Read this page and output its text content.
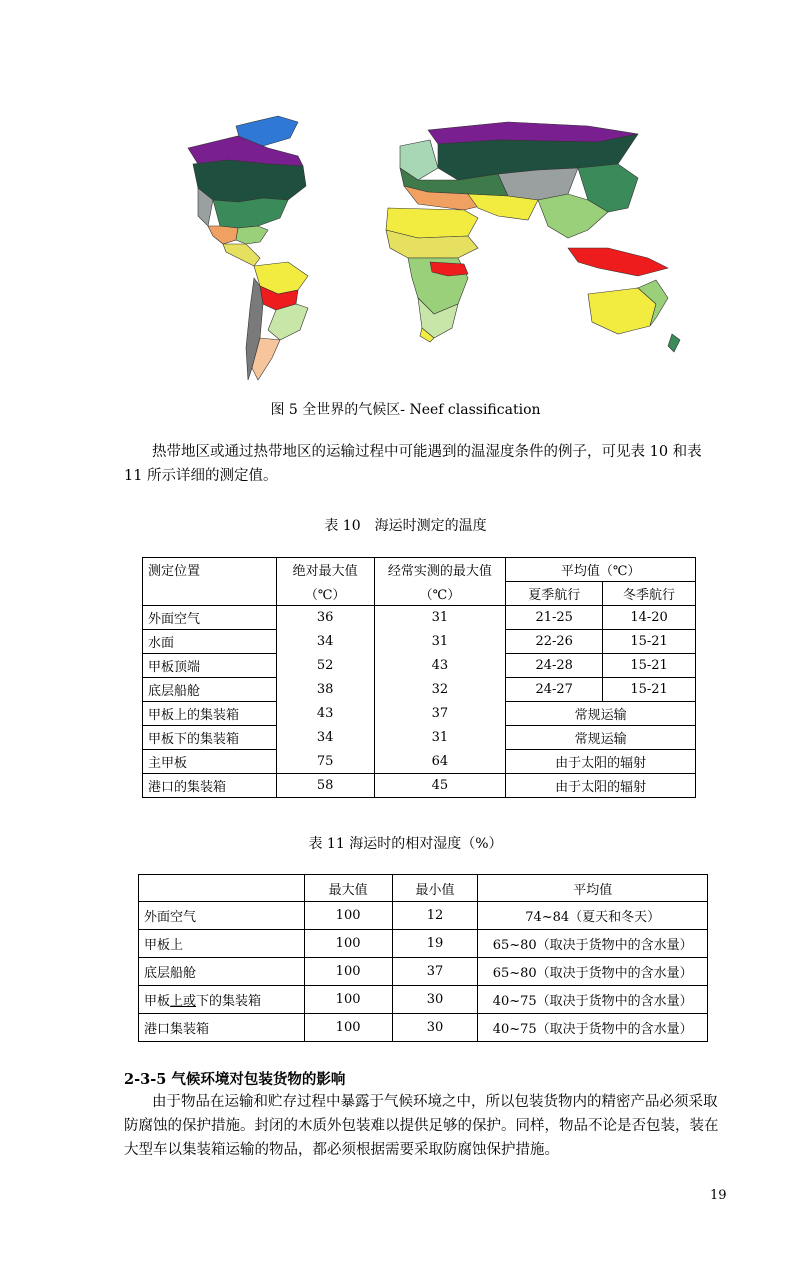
图 5 全世界的气候区- Neef classification

热带地区或通过热带地区的运输过程中可能遇到的温湿度条件的例子，可见表 10 和表 11 所示详细的测定值。

表 10　海运时测定的温度
测定位置	绝对最大值	经常实测的最大值	平均值（℃）	
	（℃）	（℃）	夏季航行	冬季航行
外面空气	36	31	21-25	14-20
水面	34	31	22-26	15-21
甲板顶端	52	43	24-28	15-21
底层船舱	38	32	24-27	15-21
甲板上的集装箱	43	37	常规运输	
甲板下的集装箱	34	31	常规运输	
主甲板	75	64	由于太阳的辐射	
港口的集装箱	58	45	由于太阳的辐射	
表 11 海运时的相对湿度（%）
	最大值	最小值	平均值
外面空气	100	12	74~84（夏天和冬天）
甲板上	100	19	65~80（取决于货物中的含水量）
底层船舱	100	37	65~80（取决于货物中的含水量）
甲板上或下的集装箱	100	30	40~75（取决于货物中的含水量）
港口集装箱	100	30	40~75（取决于货物中的含水量）
2-3-5 气候环境对包装货物的影响

由于物品在运输和贮存过程中暴露于气候环境之中，所以包装货物内的精密产品必须采取防腐蚀的保护措施。封闭的木质外包装难以提供足够的保护。同样，物品不论是否包装，装在大型车以集装箱运输的物品，都必须根据需要采取防腐蚀保护措施。

19
